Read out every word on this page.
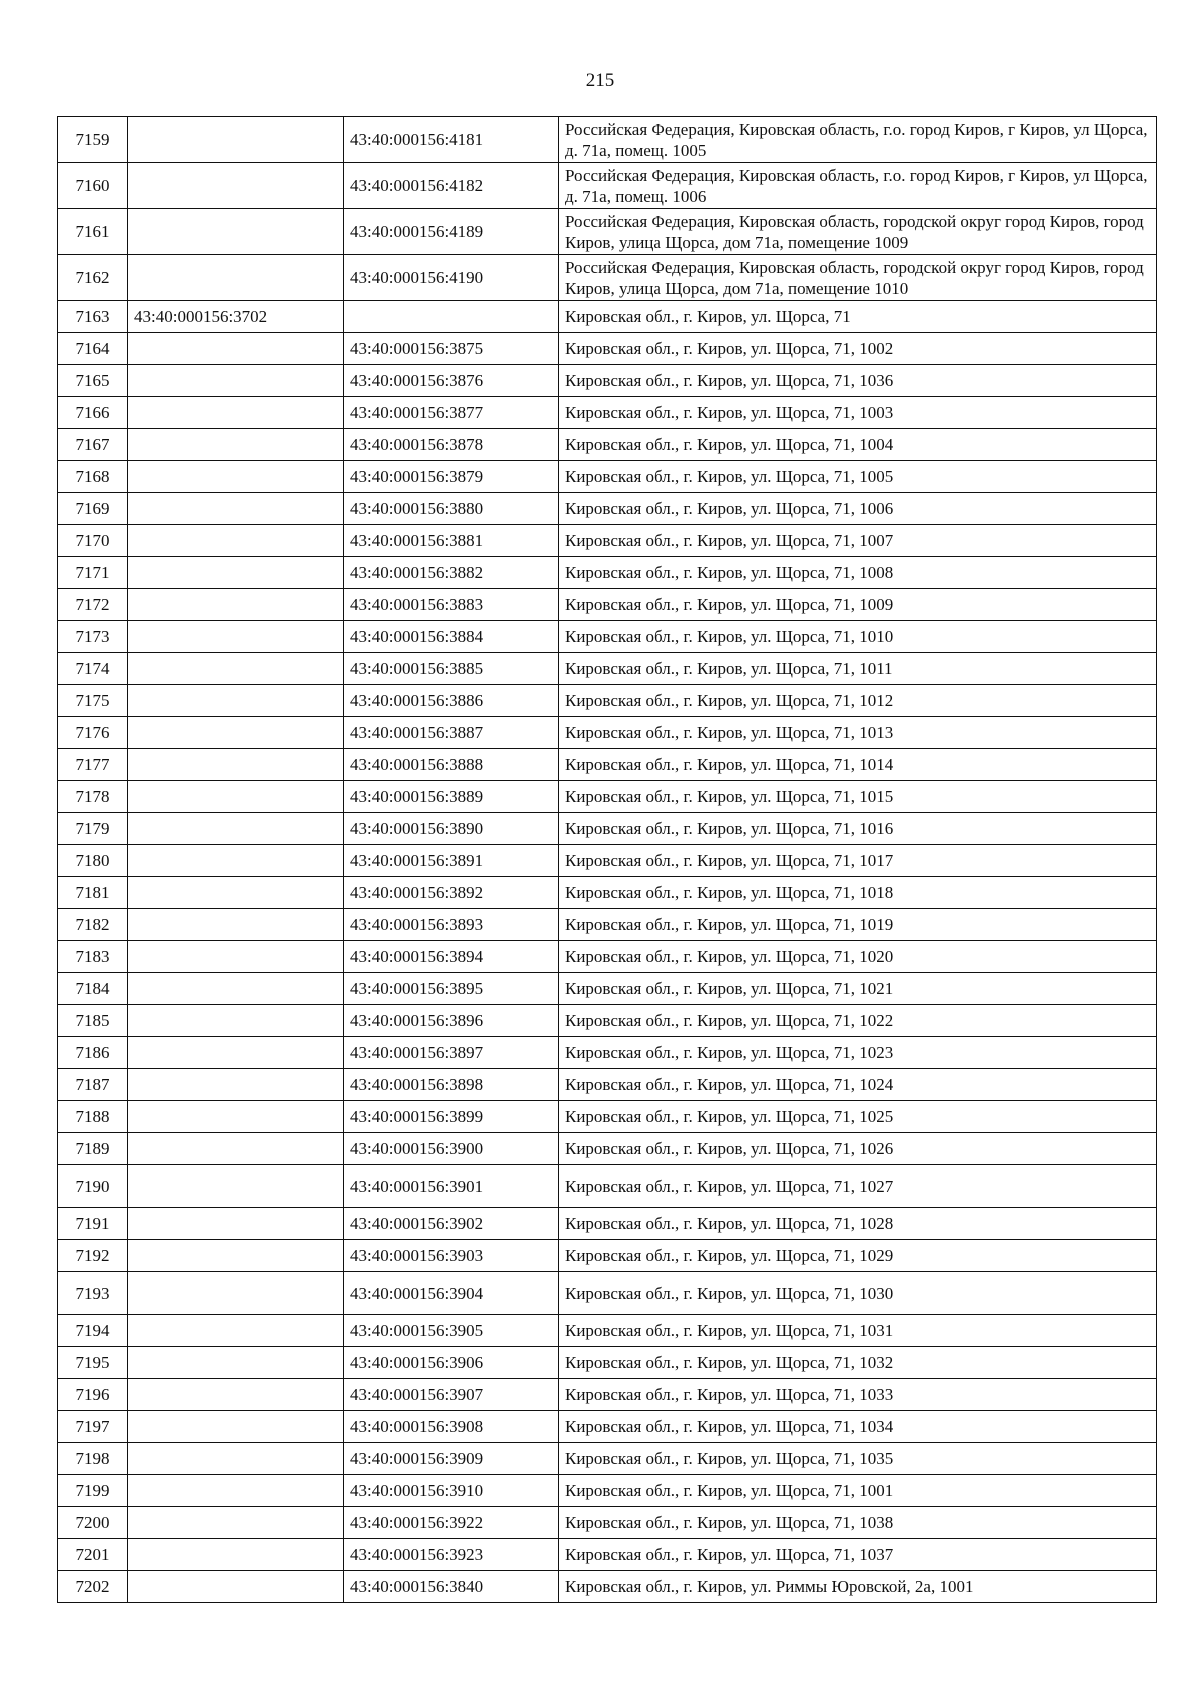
215
7159		43:40:000156:4181	Российская Федерация, Кировская область, г.о. город Киров, г Киров, ул Щорса, д. 71а, помещ. 1005
7160		43:40:000156:4182	Российская Федерация, Кировская область, г.о. город Киров, г Киров, ул Щорса, д. 71а, помещ. 1006
7161		43:40:000156:4189	Российская Федерация, Кировская область, городской округ город Киров, город Киров, улица Щорса, дом 71а, помещение 1009
7162		43:40:000156:4190	Российская Федерация, Кировская область, городской округ город Киров, город Киров, улица Щорса, дом 71а, помещение 1010
7163	43:40:000156:3702		Кировская обл., г. Киров, ул. Щорса, 71
7164		43:40:000156:3875	Кировская обл., г. Киров, ул. Щорса, 71, 1002
7165		43:40:000156:3876	Кировская обл., г. Киров, ул. Щорса, 71, 1036
7166		43:40:000156:3877	Кировская обл., г. Киров, ул. Щорса, 71, 1003
7167		43:40:000156:3878	Кировская обл., г. Киров, ул. Щорса, 71, 1004
7168		43:40:000156:3879	Кировская обл., г. Киров, ул. Щорса, 71, 1005
7169		43:40:000156:3880	Кировская обл., г. Киров, ул. Щорса, 71, 1006
7170		43:40:000156:3881	Кировская обл., г. Киров, ул. Щорса, 71, 1007
7171		43:40:000156:3882	Кировская обл., г. Киров, ул. Щорса, 71, 1008
7172		43:40:000156:3883	Кировская обл., г. Киров, ул. Щорса, 71, 1009
7173		43:40:000156:3884	Кировская обл., г. Киров, ул. Щорса, 71, 1010
7174		43:40:000156:3885	Кировская обл., г. Киров, ул. Щорса, 71, 1011
7175		43:40:000156:3886	Кировская обл., г. Киров, ул. Щорса, 71, 1012
7176		43:40:000156:3887	Кировская обл., г. Киров, ул. Щорса, 71, 1013
7177		43:40:000156:3888	Кировская обл., г. Киров, ул. Щорса, 71, 1014
7178		43:40:000156:3889	Кировская обл., г. Киров, ул. Щорса, 71, 1015
7179		43:40:000156:3890	Кировская обл., г. Киров, ул. Щорса, 71, 1016
7180		43:40:000156:3891	Кировская обл., г. Киров, ул. Щорса, 71, 1017
7181		43:40:000156:3892	Кировская обл., г. Киров, ул. Щорса, 71, 1018
7182		43:40:000156:3893	Кировская обл., г. Киров, ул. Щорса, 71, 1019
7183		43:40:000156:3894	Кировская обл., г. Киров, ул. Щорса, 71, 1020
7184		43:40:000156:3895	Кировская обл., г. Киров, ул. Щорса, 71, 1021
7185		43:40:000156:3896	Кировская обл., г. Киров, ул. Щорса, 71, 1022
7186		43:40:000156:3897	Кировская обл., г. Киров, ул. Щорса, 71, 1023
7187		43:40:000156:3898	Кировская обл., г. Киров, ул. Щорса, 71, 1024
7188		43:40:000156:3899	Кировская обл., г. Киров, ул. Щорса, 71, 1025
7189		43:40:000156:3900	Кировская обл., г. Киров, ул. Щорса, 71, 1026
7190		43:40:000156:3901	Кировская обл., г. Киров, ул. Щорса, 71, 1027
7191		43:40:000156:3902	Кировская обл., г. Киров, ул. Щорса, 71, 1028
7192		43:40:000156:3903	Кировская обл., г. Киров, ул. Щорса, 71, 1029
7193		43:40:000156:3904	Кировская обл., г. Киров, ул. Щорса, 71, 1030
7194		43:40:000156:3905	Кировская обл., г. Киров, ул. Щорса, 71, 1031
7195		43:40:000156:3906	Кировская обл., г. Киров, ул. Щорса, 71, 1032
7196		43:40:000156:3907	Кировская обл., г. Киров, ул. Щорса, 71, 1033
7197		43:40:000156:3908	Кировская обл., г. Киров, ул. Щорса, 71, 1034
7198		43:40:000156:3909	Кировская обл., г. Киров, ул. Щорса, 71, 1035
7199		43:40:000156:3910	Кировская обл., г. Киров, ул. Щорса, 71, 1001
7200		43:40:000156:3922	Кировская обл., г. Киров, ул. Щорса, 71, 1038
7201		43:40:000156:3923	Кировская обл., г. Киров, ул. Щорса, 71, 1037
7202		43:40:000156:3840	Кировская обл., г. Киров, ул. Риммы Юровской, 2а, 1001
